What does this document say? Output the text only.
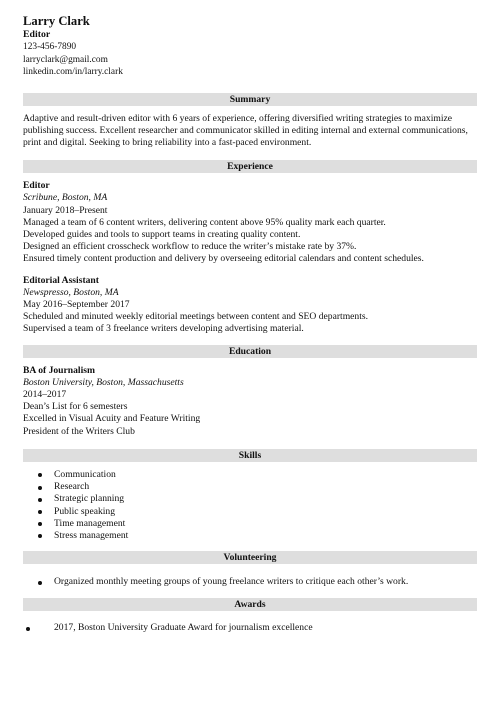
Larry Clark
Editor
123-456-7890
larryclark@gmail.com
linkedin.com/in/larry.clark
Summary

Adaptive and result-driven editor with 6 years of experience, offering diversified writing strategies to maximize publishing success. Excellent researcher and communicator skilled in editing internal and external communications, print and digital. Seeking to bring reliability into a fast-paced environment.

Experience
Editor
Scribune, Boston, MA
January 2018–Present
Managed a team of 6 content writers, delivering content above 95% quality mark each quarter.
Developed guides and tools to support teams in creating quality content.
Designed an efficient crosscheck workflow to reduce the writer’s mistake rate by 37%.
Ensured timely content production and delivery by overseeing editorial calendars and content schedules.
Editorial Assistant
Newspresso, Boston, MA
May 2016–September 2017
Scheduled and minuted weekly editorial meetings between content and SEO departments.
Supervised a team of 3 freelance writers developing advertising material.
Education
BA of Journalism
Boston University, Boston, Massachusetts
2014–2017
Dean’s List for 6 semesters
Excelled in Visual Acuity and Feature Writing
President of the Writers Club
Skills
Communication
Research
Strategic planning
Public speaking
Time management
Stress management
Volunteering
Organized monthly meeting groups of young freelance writers to critique each other’s work.
Awards
2017, Boston University Graduate Award for journalism excellence
